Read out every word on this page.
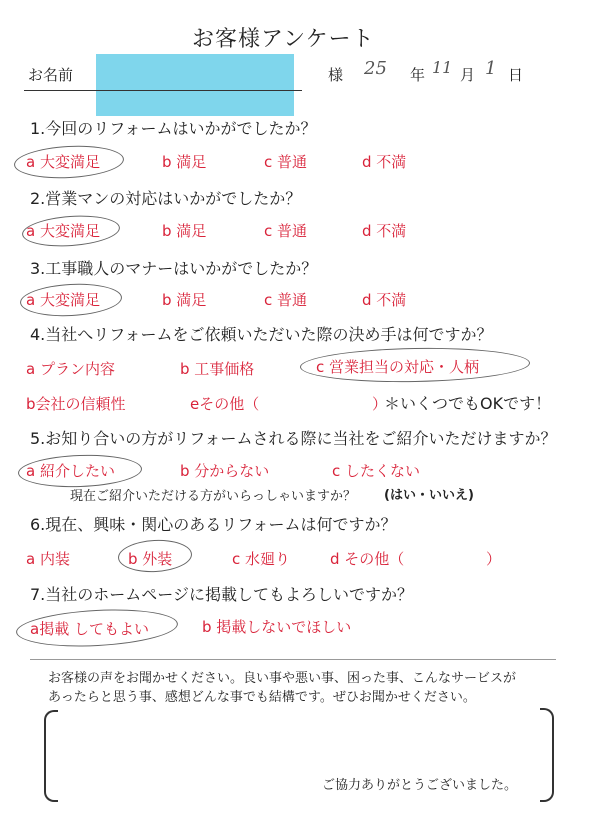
お客様アンケート
お名前	様 25 年 11 月 1 日
1.今回のリフォームはいかがでしたか？
a 大変満足	b 満足	c 普通	d 不満
2.営業マンの対応はいかがでしたか？
a 大変満足	b 満足	c 普通	d 不満
3.工事職人のマナーはいかがでしたか？
a 大変満足	b 満足	c 普通	d 不満
4.当社へリフォームをご依頼いただいた際の決め手は何ですか？
a プラン内容	b 工事価格	c 営業担当の対応・人柄
b会社の信頼性	eその他（	）
＊いくつでもOKです！
5.お知り合いの方がリフォームされる際に当社をご紹介いただけますか？
a 紹介したい	b 分からない	c したくない
現在ご紹介いただける方がいらっしゃいますか？ (はい・いいえ)
6.現在、興味・関心のあるリフォームは何ですか？
a 内装	b 外装	c 水廻り	d その他（	）
7.当社のホームページに掲載してもよろしいですか？
a掲載 してもよい	b 掲載しないでほしい
お客様の声をお聞かせください。良い事や悪い事、困った事、こんなサービスが
あったらと思う事、感想どんな事でも結構です。ぜひお聞かせください。
ご協力ありがとうございました。
